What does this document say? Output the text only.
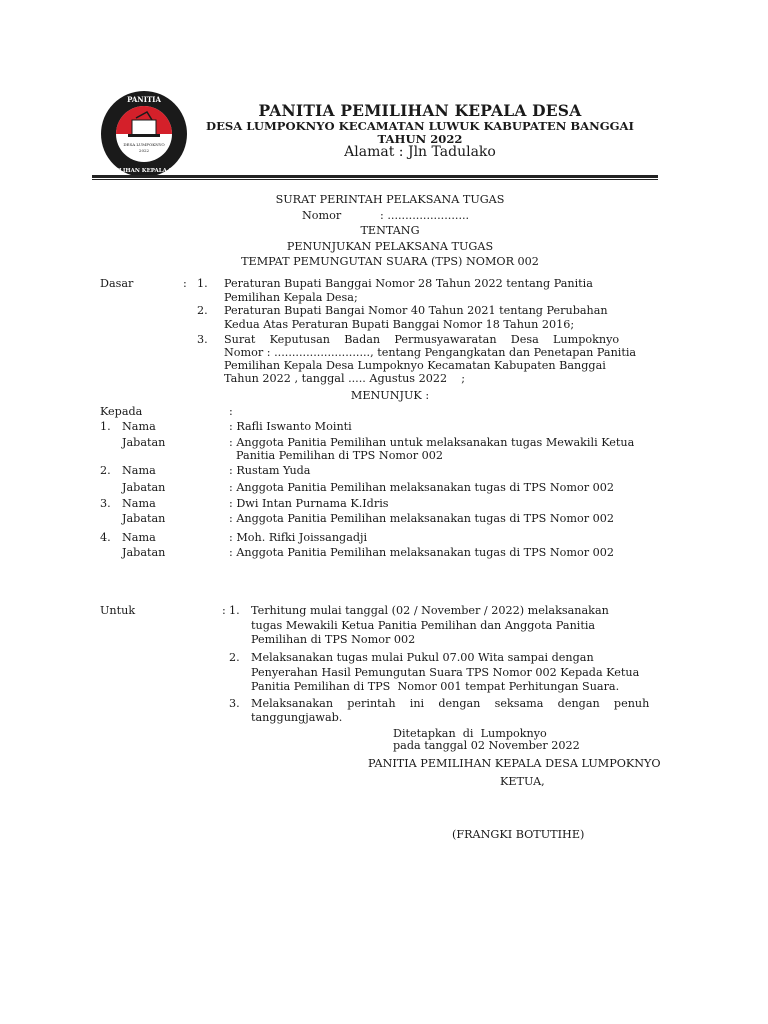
DESA LUMPOKNYO
2022
PANITIA
PEMILIHAN KEPALA DESA
PANITIA PEMILIHAN KEPALA DESA
DESA LUMPOKNYO KECAMATAN LUWUK KABUPATEN BANGGAI
TAHUN 2022
Alamat : Jln Tadulako
SURAT PERINTAH PELAKSANA TUGAS
Nomor	: .......................
TENTANG
PENUNJUKAN PELAKSANA TUGAS
TEMPAT PEMUNGUTAN SUARA (TPS) NOMOR 002
Dasar	: 1. Peraturan Bupati Banggai Nomor 28 Tahun 2022 tentang Panitia
Pemilihan Kepala Desa;
2. Peraturan Bupati Bangai Nomor 40 Tahun 2021 tentang Perubahan
Kedua Atas Peraturan Bupati Banggai Nomor 18 Tahun 2016;
3. Surat    Keputusan    Badan    Permusyawaratan    Desa    Lumpoknyo
Nomor : ..........................., tentang Pengangkatan dan Penetapan Panitia
Pemilihan Kepala Desa Lumpoknyo Kecamatan Kabupaten Banggai
Tahun 2022 , tanggal ..... Agustus 2022    ;
MENUNJUK :
Kepada	:
1. Nama	: Rafli Iswanto Mointi
Jabatan	: Anggota Panitia Pemilihan untuk melaksanakan tugas Mewakili Ketua
Panitia Pemilihan di TPS Nomor 002
2. Nama	: Rustam Yuda
Jabatan	: Anggota Panitia Pemilihan melaksanakan tugas di TPS Nomor 002
3. Nama	: Dwi Intan Purnama K.Idris
Jabatan	: Anggota Panitia Pemilihan melaksanakan tugas di TPS Nomor 002
4. Nama	: Moh. Rifki Joissangadji
Jabatan	: Anggota Panitia Pemilihan melaksanakan tugas di TPS Nomor 002
Untuk	: 1. Terhitung mulai tanggal (02 / November / 2022) melaksanakan
tugas Mewakili Ketua Panitia Pemilihan dan Anggota Panitia
Pemilihan di TPS Nomor 002
2. Melaksanakan tugas mulai Pukul 07.00 Wita sampai dengan
Penyerahan Hasil Pemungutan Suara TPS Nomor 002 Kepada Ketua
Panitia Pemilihan di TPS  Nomor 001 tempat Perhitungan Suara.
3. Melaksanakan    perintah    ini    dengan    seksama    dengan    penuh
tanggungjawab.
Ditetapkan  di  Lumpoknyo
pada tanggal 02 November 2022
PANITIA PEMILIHAN KEPALA DESA LUMPOKNYO
KETUA,
(FRANGKI BOTUTIHE)
